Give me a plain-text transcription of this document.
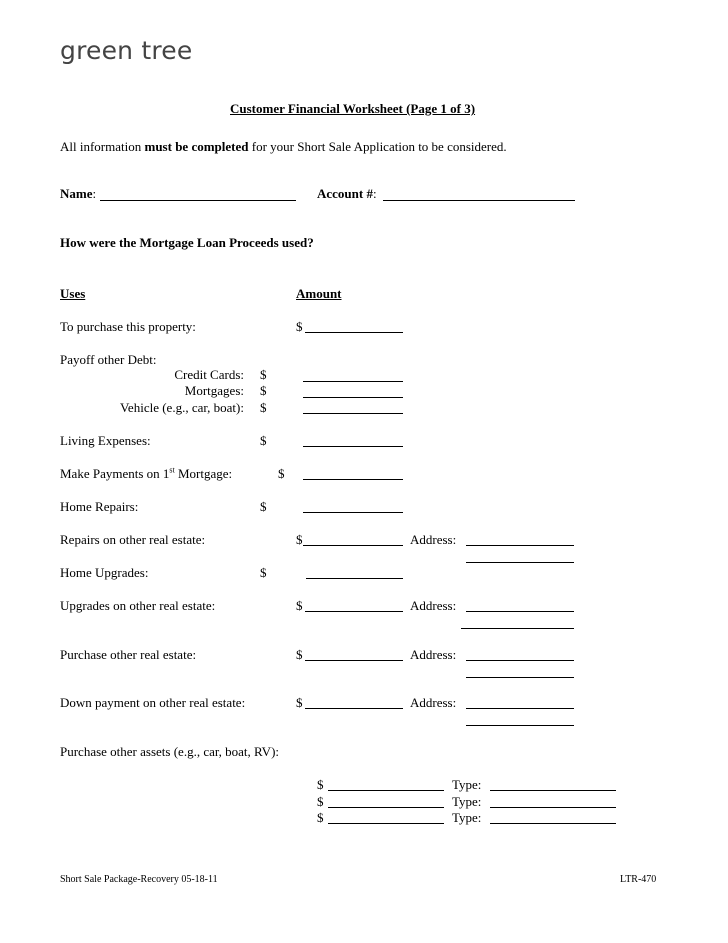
green tree
Customer Financial Worksheet (Page 1 of 3)
All information must be completed for your Short Sale Application to be considered.
Name:	Account #:
How were the Mortgage Loan Proceeds used?
Uses	Amount
To purchase this property:	$
Payoff other Debt:
Credit Cards: $
Mortgages: $
Vehicle (e.g., car, boat): $
Living Expenses:	$
Make Payments on 1st Mortgage:	$
Home Repairs:	$
Repairs on other real estate:	$	Address:
Home Upgrades:	$
Upgrades on other real estate:	$	Address:
Purchase other real estate:	$	Address:
Down payment on other real estate:	$	Address:
Purchase other assets (e.g., car, boat, RV):
$	Type:
$	Type:
$	Type:
Short Sale Package-Recovery 05-18-11	LTR-470
